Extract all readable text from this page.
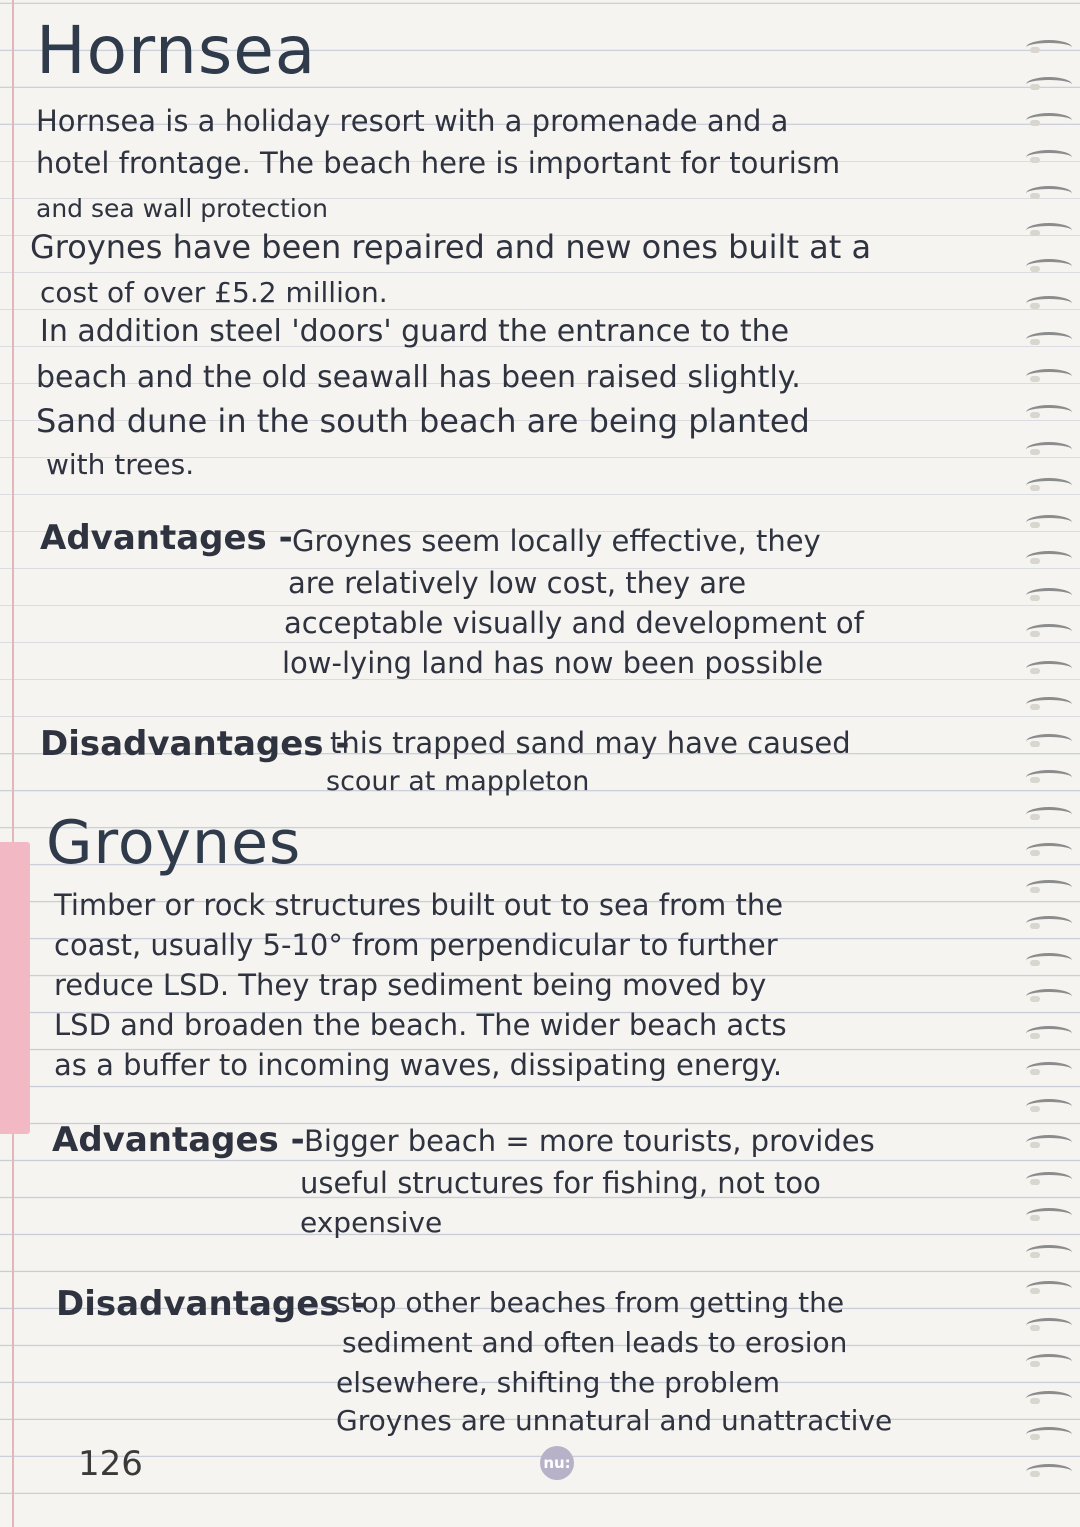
Hornsea
Hornsea is a holiday resort with a promenade and a
hotel frontage. The beach here is important for tourism
and sea wall protection
Groynes have been repaired and new ones built at a
cost of over £5.2 million.
In addition steel 'doors' guard the entrance to the
beach and the old seawall has been raised slightly.
Sand dune in the south beach are being planted
with trees.
Advantages - Groynes seem locally effective, they
are relatively low cost, they are
acceptable visually and development of
low-lying land has now been possible
Disadvantages -
this trapped sand may have caused
scour at mappleton
Groynes
Timber or rock structures built out to sea from the
coast, usually 5-10° from perpendicular to further
reduce LSD. They trap sediment being moved by
LSD and broaden the beach. The wider beach acts
as a buffer to incoming waves, dissipating energy.
Advantages - Bigger beach = more tourists, provides
useful structures for fishing, not too
expensive
Disadvantages -
stop other beaches from getting the
sediment and often leads to erosion
elsewhere, shifting the problem
Groynes are unnatural and unattractive
126	nu:
